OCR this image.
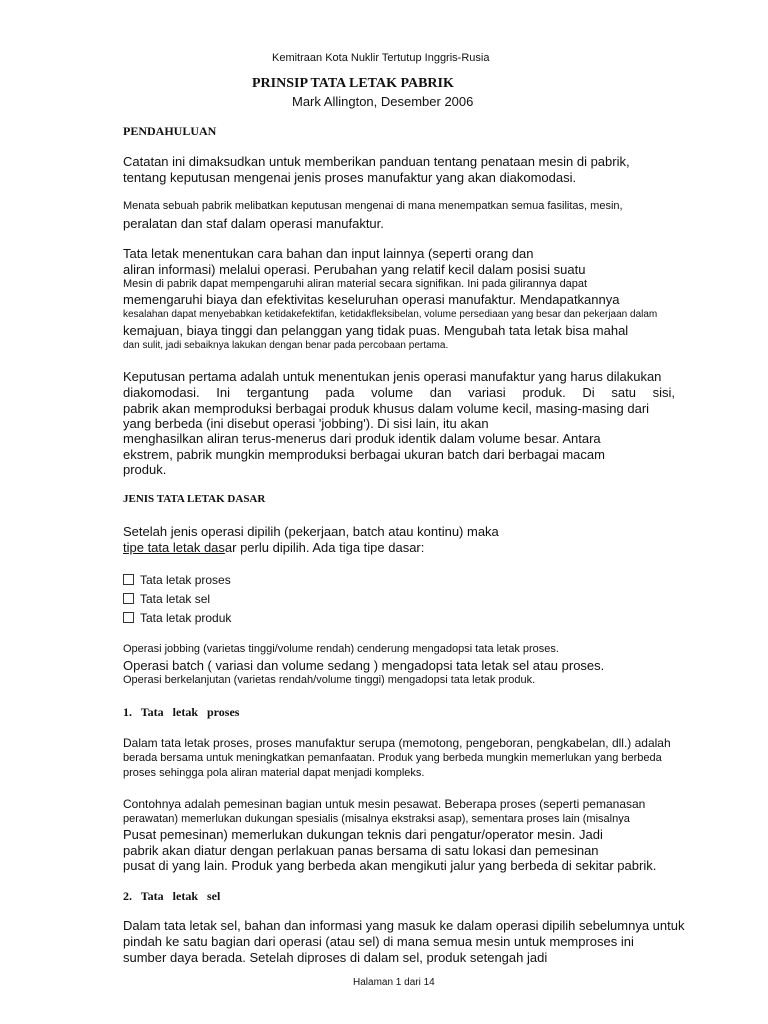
Kemitraan Kota Nuklir Tertutup Inggris-Rusia
PRINSIP TATA LETAK PABRIK
Mark Allington, Desember 2006
PENDAHULUAN
Catatan ini dimaksudkan untuk memberikan panduan tentang penataan mesin di pabrik,
tentang keputusan mengenai jenis proses manufaktur yang akan diakomodasi.
Menata sebuah pabrik melibatkan keputusan mengenai di mana menempatkan semua fasilitas, mesin,
peralatan dan staf dalam operasi manufaktur.
Tata letak menentukan cara bahan dan input lainnya (seperti orang dan
aliran informasi) melalui operasi. Perubahan yang relatif kecil dalam posisi suatu
Mesin di pabrik dapat mempengaruhi aliran material secara signifikan. Ini pada gilirannya dapat
memengaruhi biaya dan efektivitas keseluruhan operasi manufaktur. Mendapatkannya
kesalahan dapat menyebabkan ketidakefektifan, ketidakfleksibelan, volume persediaan yang besar dan pekerjaan dalam
kemajuan, biaya tinggi dan pelanggan yang tidak puas. Mengubah tata letak bisa mahal
dan sulit, jadi sebaiknya lakukan dengan benar pada percobaan pertama.
Keputusan pertama adalah untuk menentukan jenis operasi manufaktur yang harus dilakukan
diakomodasi. Ini tergantung pada volume dan variasi produk. Di satu sisi,
pabrik akan memproduksi berbagai produk khusus dalam volume kecil, masing-masing dari
yang berbeda (ini disebut operasi 'jobbing'). Di sisi lain, itu akan
menghasilkan aliran terus-menerus dari produk identik dalam volume besar. Antara
ekstrem, pabrik mungkin memproduksi berbagai ukuran batch dari berbagai macam
produk.
JENIS TATA LETAK DASAR
Setelah jenis operasi dipilih (pekerjaan, batch atau kontinu) maka
tipe tata letak dasar perlu dipilih. Ada tiga tipe dasar:
Tata letak proses
Tata letak sel
Tata letak produk
Operasi jobbing (varietas tinggi/volume rendah) cenderung mengadopsi tata letak proses.
Operasi batch ( variasi dan volume sedang ) mengadopsi tata letak sel atau proses.
Operasi berkelanjutan (varietas rendah/volume tinggi) mengadopsi tata letak produk.
1.   Tata   letak   proses
Dalam tata letak proses, proses manufaktur serupa (memotong, pengeboran, pengkabelan, dll.) adalah
berada bersama untuk meningkatkan pemanfaatan. Produk yang berbeda mungkin memerlukan yang berbeda
proses sehingga pola aliran material dapat menjadi kompleks.
Contohnya adalah pemesinan bagian untuk mesin pesawat. Beberapa proses (seperti pemanasan
perawatan) memerlukan dukungan spesialis (misalnya ekstraksi asap), sementara proses lain (misalnya
Pusat pemesinan) memerlukan dukungan teknis dari pengatur/operator mesin. Jadi
pabrik akan diatur dengan perlakuan panas bersama di satu lokasi dan pemesinan
pusat di yang lain. Produk yang berbeda akan mengikuti jalur yang berbeda di sekitar pabrik.
2.   Tata   letak   sel
Dalam tata letak sel, bahan dan informasi yang masuk ke dalam operasi dipilih sebelumnya untuk
pindah ke satu bagian dari operasi (atau sel) di mana semua mesin untuk memproses ini
sumber daya berada. Setelah diproses di dalam sel, produk setengah jadi
Halaman 1 dari 14
